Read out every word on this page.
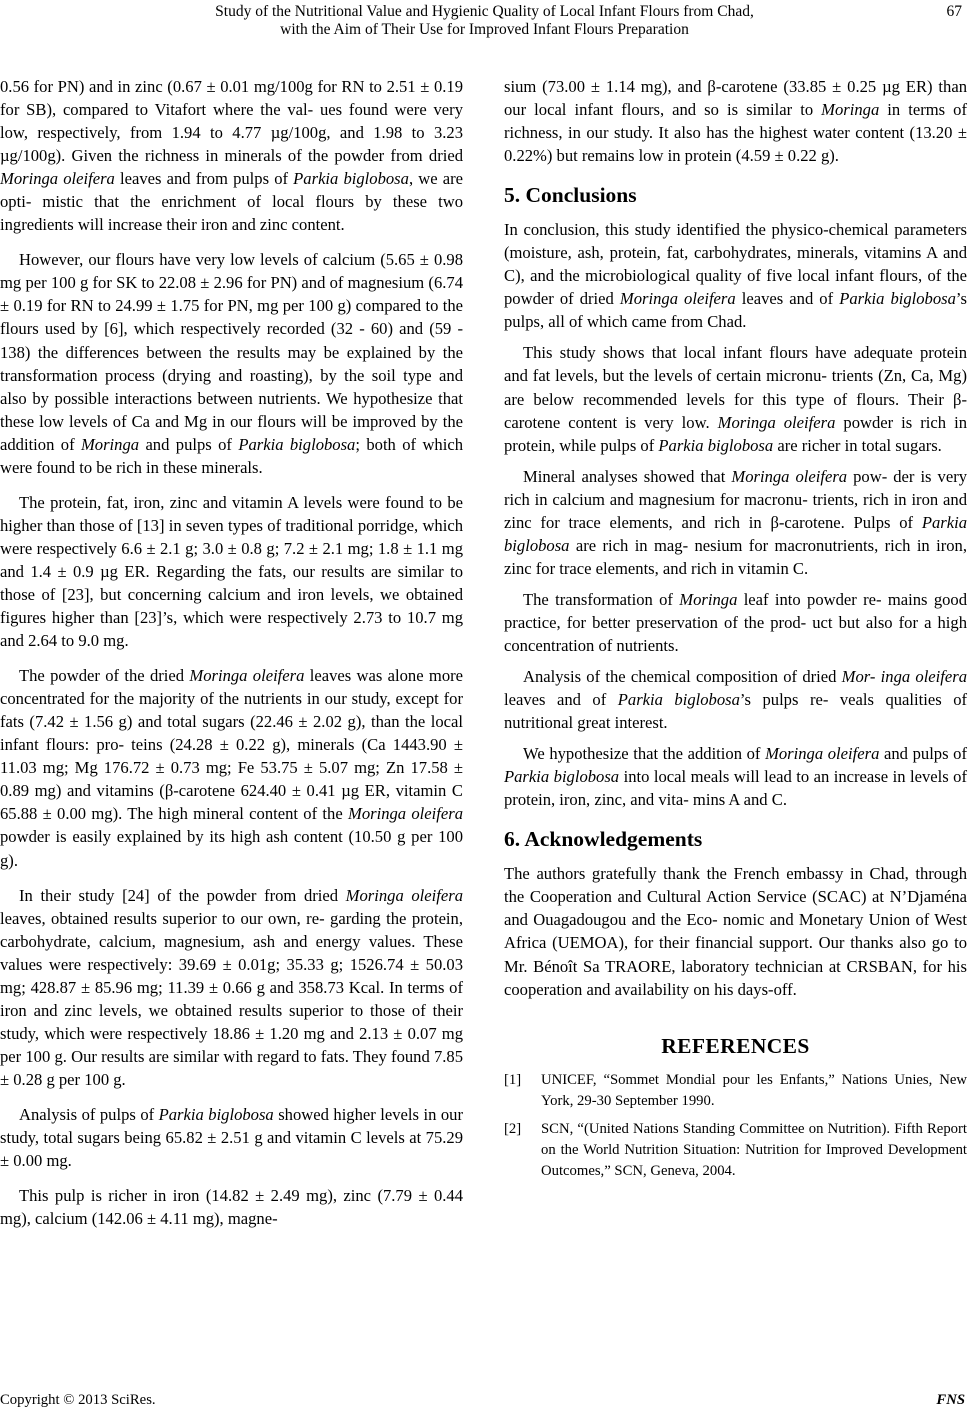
Study of the Nutritional Value and Hygienic Quality of Local Infant Flours from Chad,
with the Aim of Their Use for Improved Infant Flours Preparation
67

0.56 for PN) and in zinc (0.67 ± 0.01 mg/100g for RN to 2.51 ± 0.19 for SB), compared to Vitafort where the val- ues found were very low, respectively, from 1.94 to 4.77 µg/100g, and 1.98 to 3.23 µg/100g). Given the richness in minerals of the powder from dried Moringa oleifera leaves and from pulps of Parkia biglobosa, we are opti- mistic that the enrichment of local flours by these two ingredients will increase their iron and zinc content.

However, our flours have very low levels of calcium (5.65 ± 0.98 mg per 100 g for SK to 22.08 ± 2.96 for PN) and of magnesium (6.74 ± 0.19 for RN to 24.99 ± 1.75 for PN, mg per 100 g) compared to the flours used by [6], which respectively recorded (32 - 60) and (59 - 138) the differences between the results may be explained by the transformation process (drying and roasting), by the soil type and also by possible interactions between nutrients. We hypothesize that these low levels of Ca and Mg in our flours will be improved by the addition of Moringa and pulps of Parkia biglobosa; both of which were found to be rich in these minerals.

The protein, fat, iron, zinc and vitamin A levels were found to be higher than those of [13] in seven types of traditional porridge, which were respectively 6.6 ± 2.1 g; 3.0 ± 0.8 g; 7.2 ± 2.1 mg; 1.8 ± 1.1 mg and 1.4 ± 0.9 µg ER. Regarding the fats, our results are similar to those of [23], but concerning calcium and iron levels, we obtained figures higher than [23]’s, which were respectively 2.73 to 10.7 mg and 2.64 to 9.0 mg.

The powder of the dried Moringa oleifera leaves was alone more concentrated for the majority of the nutrients in our study, except for fats (7.42 ± 1.56 g) and total sugars (22.46 ± 2.02 g), than the local infant flours: pro- teins (24.28 ± 0.22 g), minerals (Ca 1443.90 ± 11.03 mg; Mg 176.72 ± 0.73 mg; Fe 53.75 ± 5.07 mg; Zn 17.58 ± 0.89 mg) and vitamins (β-carotene 624.40 ± 0.41 µg ER, vitamin C 65.88 ± 0.00 mg). The high mineral content of the Moringa oleifera powder is easily explained by its high ash content (10.50 g per 100 g).

In their study [24] of the powder from dried Moringa oleifera leaves, obtained results superior to our own, re- garding the protein, carbohydrate, calcium, magnesium, ash and energy values. These values were respectively: 39.69 ± 0.01g; 35.33 g; 1526.74 ± 50.03 mg; 428.87 ± 85.96 mg; 11.39 ± 0.66 g and 358.73 Kcal. In terms of iron and zinc levels, we obtained results superior to those of their study, which were respectively 18.86 ± 1.20 mg and 2.13 ± 0.07 mg per 100 g. Our results are similar with regard to fats. They found 7.85 ± 0.28 g per 100 g.

Analysis of pulps of Parkia biglobosa showed higher levels in our study, total sugars being 65.82 ± 2.51 g and vitamin C levels at 75.29 ± 0.00 mg.

This pulp is richer in iron (14.82 ± 2.49 mg), zinc (7.79 ± 0.44 mg), calcium (142.06 ± 4.11 mg), magne-

sium (73.00 ± 1.14 mg), and β-carotene (33.85 ± 0.25 µg ER) than our local infant flours, and so is similar to Moringa in terms of richness, in our study. It also has the highest water content (13.20 ± 0.22%) but remains low in protein (4.59 ± 0.22 g).

5. Conclusions

In conclusion, this study identified the physico-chemical parameters (moisture, ash, protein, fat, carbohydrates, minerals, vitamins A and C), and the microbiological quality of five local infant flours, of the powder of dried Moringa oleifera leaves and of Parkia biglobosa’s pulps, all of which came from Chad.

This study shows that local infant flours have adequate protein and fat levels, but the levels of certain micronu- trients (Zn, Ca, Mg) are below recommended levels for this type of flours. Their β-carotene content is very low. Moringa oleifera powder is rich in protein, while pulps of Parkia biglobosa are richer in total sugars.

Mineral analyses showed that Moringa oleifera pow- der is very rich in calcium and magnesium for macronu- trients, rich in iron and zinc for trace elements, and rich in β-carotene. Pulps of Parkia biglobosa are rich in mag- nesium for macronutrients, rich in iron, zinc for trace elements, and rich in vitamin C.

The transformation of Moringa leaf into powder re- mains good practice, for better preservation of the prod- uct but also for a high concentration of nutrients.

Analysis of the chemical composition of dried Mor- inga oleifera leaves and of Parkia biglobosa’s pulps re- veals qualities of nutritional great interest.

We hypothesize that the addition of Moringa oleifera and pulps of Parkia biglobosa into local meals will lead to an increase in levels of protein, iron, zinc, and vita- mins A and C.

6. Acknowledgements

The authors gratefully thank the French embassy in Chad, through the Cooperation and Cultural Action Service (SCAC) at N’Djaména and Ouagadougou and the Eco- nomic and Monetary Union of West Africa (UEMOA), for their financial support. Our thanks also go to Mr. Bénoît Sa TRAORE, laboratory technician at CRSBAN, for his cooperation and availability on his days-off.

REFERENCES
[1] UNICEF, “Sommet Mondial pour les Enfants,” Nations Unies, New York, 29-30 September 1990.
[2] SCN, “(United Nations Standing Committee on Nutrition). Fifth Report on the World Nutrition Situation: Nutrition for Improved Development Outcomes,” SCN, Geneva, 2004.
Copyright © 2013 SciRes.	FNS
